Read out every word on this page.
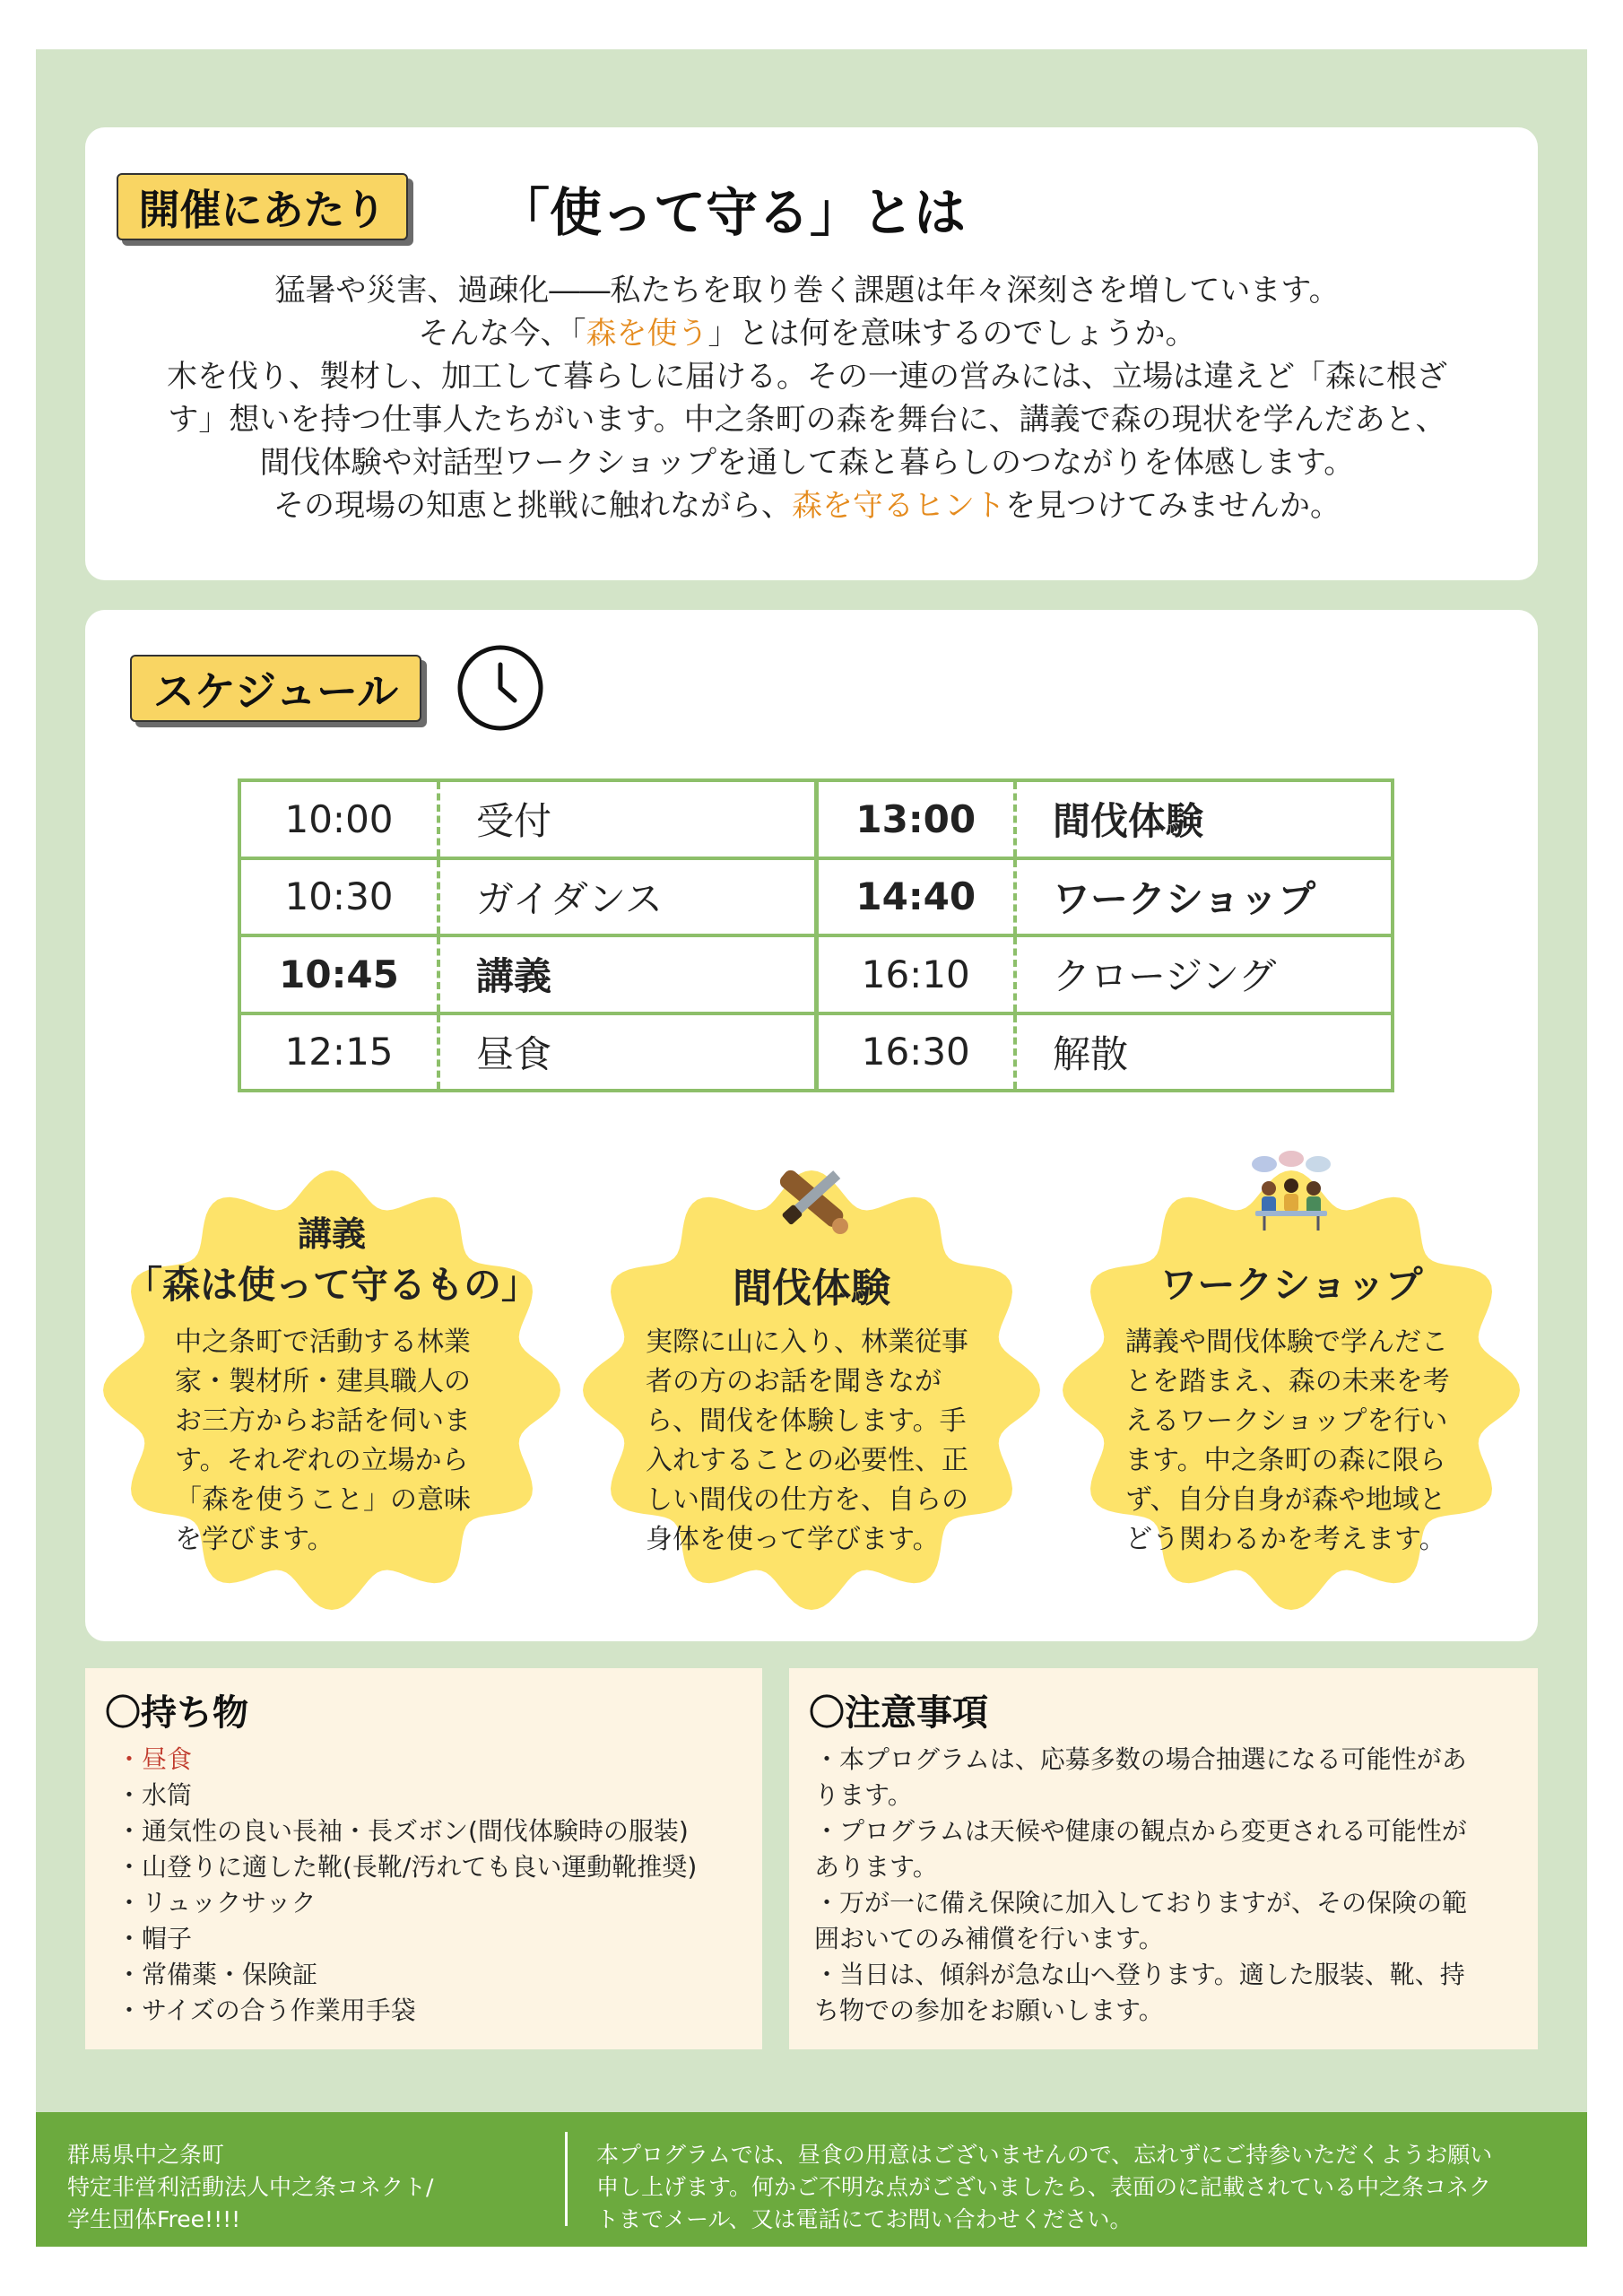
開催にあたり	「使って守る」とは
猛暑や災害、過疎化――私たちを取り巻く課題は年々深刻さを増しています。
そんな今、「森を使う」とは何を意味するのでしょうか。
木を伐り、製材し、加工して暮らしに届ける。その一連の営みには、立場は違えど「森に根ざ
す」想いを持つ仕事人たちがいます。中之条町の森を舞台に、講義で森の現状を学んだあと、
間伐体験や対話型ワークショップを通して森と暮らしのつながりを体感します。
その現場の知恵と挑戦に触れながら、森を守るヒントを見つけてみませんか。
スケジュール
10:00	受付	13:00	間伐体験
10:30	ガイダンス	14:40	ワークショップ
10:45	講義	16:10	クロージング
12:15	昼食	16:30	解散
講義
「森は使って守るもの」
中之条町で活動する林業
家・製材所・建具職人の
お三方からお話を伺いま
す。それぞれの立場から
「森を使うこと」の意味
を学びます。
間伐体験
実際に山に入り、林業従事
者の方のお話を聞きなが
ら、間伐を体験します。手
入れすることの必要性、正
しい間伐の仕方を、自らの
身体を使って学びます。
ワークショップ
講義や間伐体験で学んだこ
とを踏まえ、森の未来を考
えるワークショップを行い
ます。中之条町の森に限ら
ず、自分自身が森や地域と
どう関わるかを考えます。
〇持ち物
・昼食
・水筒
・通気性の良い長袖・長ズボン(間伐体験時の服装)
・山登りに適した靴(長靴/汚れても良い運動靴推奨)
・リュックサック
・帽子
・常備薬・保険証
・サイズの合う作業用手袋
〇注意事項
・本プログラムは、応募多数の場合抽選になる可能性があ
ります。
・プログラムは天候や健康の観点から変更される可能性が
あります。
・万が一に備え保険に加入しておりますが、その保険の範
囲おいてのみ補償を行います。
・当日は、傾斜が急な山へ登ります。適した服装、靴、持
ち物での参加をお願いします。
群馬県中之条町
特定非営利活動法人中之条コネクト/
学生団体Free!!!!
本プログラムでは、昼食の用意はございませんので、忘れずにご持参いただくようお願い
申し上げます。何かご不明な点がございましたら、表面のに記載されている中之条コネク
トまでメール、又は電話にてお問い合わせください。
